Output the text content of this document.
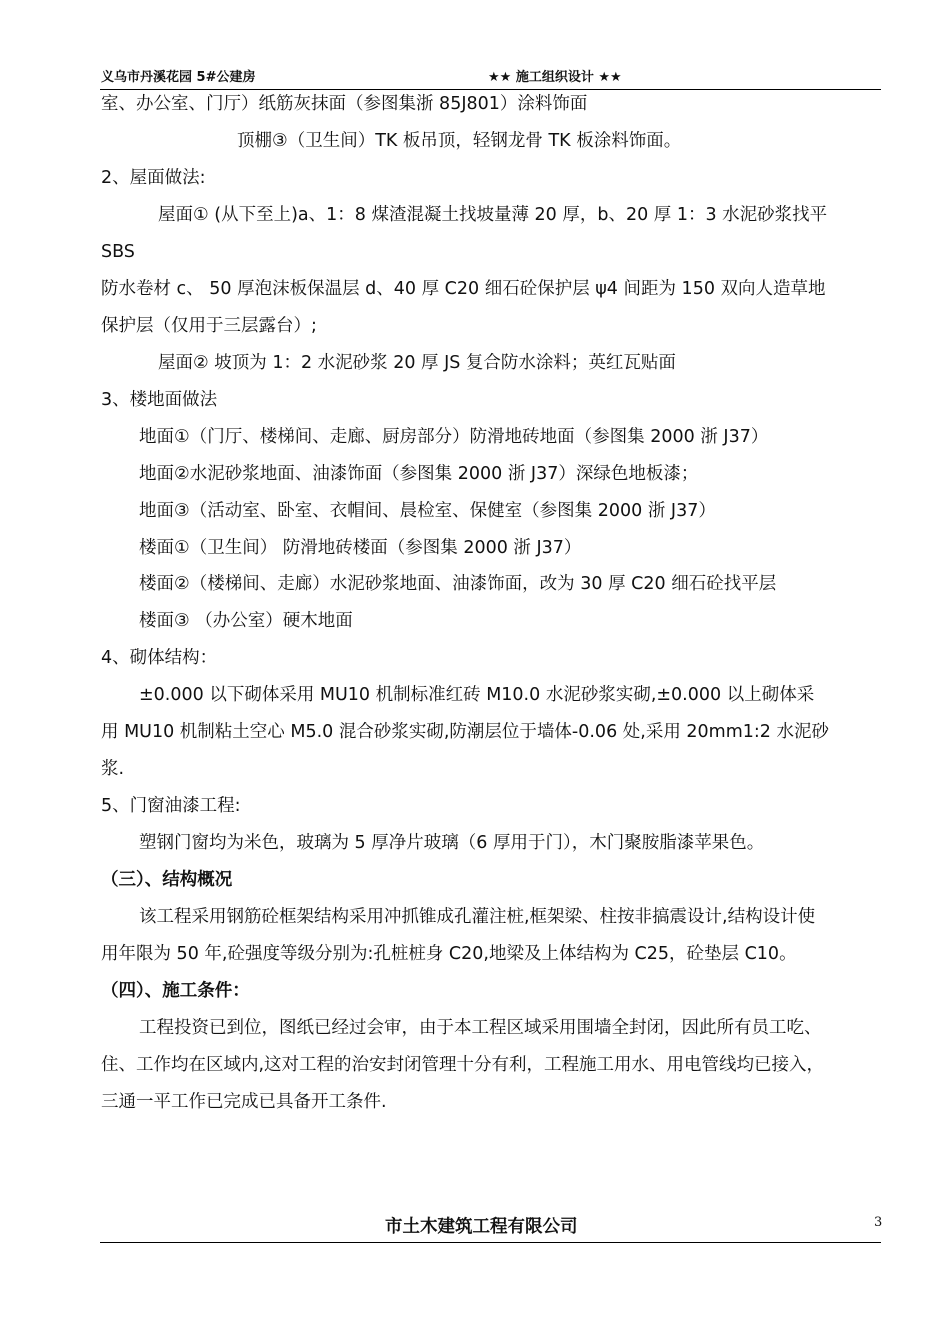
义乌市丹溪花园 5#公建房	★★ 施工组织设计 ★★
室、办公室、门厅）纸筋灰抹面（参图集浙 85J801）涂料饰面
顶棚③（卫生间）TK 板吊顶，轻钢龙骨 TK 板涂料饰面。
2、屋面做法:
屋面① (从下至上)a、1：8 煤渣混凝土找坡量薄 20 厚，b、20 厚 1：3 水泥砂浆找平
SBS
防水卷材 c、 50 厚泡沫板保温层 d、40 厚 C20 细石砼保护层 ψ4 间距为 150 双向人造草地
保护层（仅用于三层露台）;
屋面② 坡顶为 1：2 水泥砂浆 20 厚 JS 复合防水涂料；英红瓦贴面
3、楼地面做法
地面①（门厅、楼梯间、走廊、厨房部分）防滑地砖地面（参图集 2000 浙 J37）
地面②水泥砂浆地面、油漆饰面（参图集 2000 浙 J37）深绿色地板漆；
地面③（活动室、卧室、衣帽间、晨检室、保健室（参图集 2000 浙 J37）
楼面①（卫生间） 防滑地砖楼面（参图集 2000 浙 J37）
楼面②（楼梯间、走廊）水泥砂浆地面、油漆饰面，改为 30 厚 C20 细石砼找平层
楼面③ （办公室）硬木地面
4、砌体结构：
±0.000 以下砌体采用 MU10 机制标准红砖 M10.0 水泥砂浆实砌,±0.000 以上砌体采
用 MU10 机制粘土空心 M5.0 混合砂浆实砌,防潮层位于墙体-0.06 处,采用 20mm1:2 水泥砂
浆.
5、门窗油漆工程:
塑钢门窗均为米色，玻璃为 5 厚净片玻璃（6 厚用于门），木门聚胺脂漆苹果色。
（三）、结构概况
该工程采用钢筋砼框架结构采用冲抓锥成孔灌注桩,框架梁、柱按非搞震设计,结构设计使
用年限为 50 年,砼强度等级分别为:孔桩桩身 C20,地梁及上体结构为 C25，砼垫层 C10。
（四）、施工条件：
工程投资已到位，图纸已经过会审，由于本工程区域采用围墙全封闭，因此所有员工吃、
住、工作均在区域内,这对工程的治安封闭管理十分有利，工程施工用水、用电管线均已接入，
三通一平工作已完成已具备开工条件.
市土木建筑工程有限公司	3
